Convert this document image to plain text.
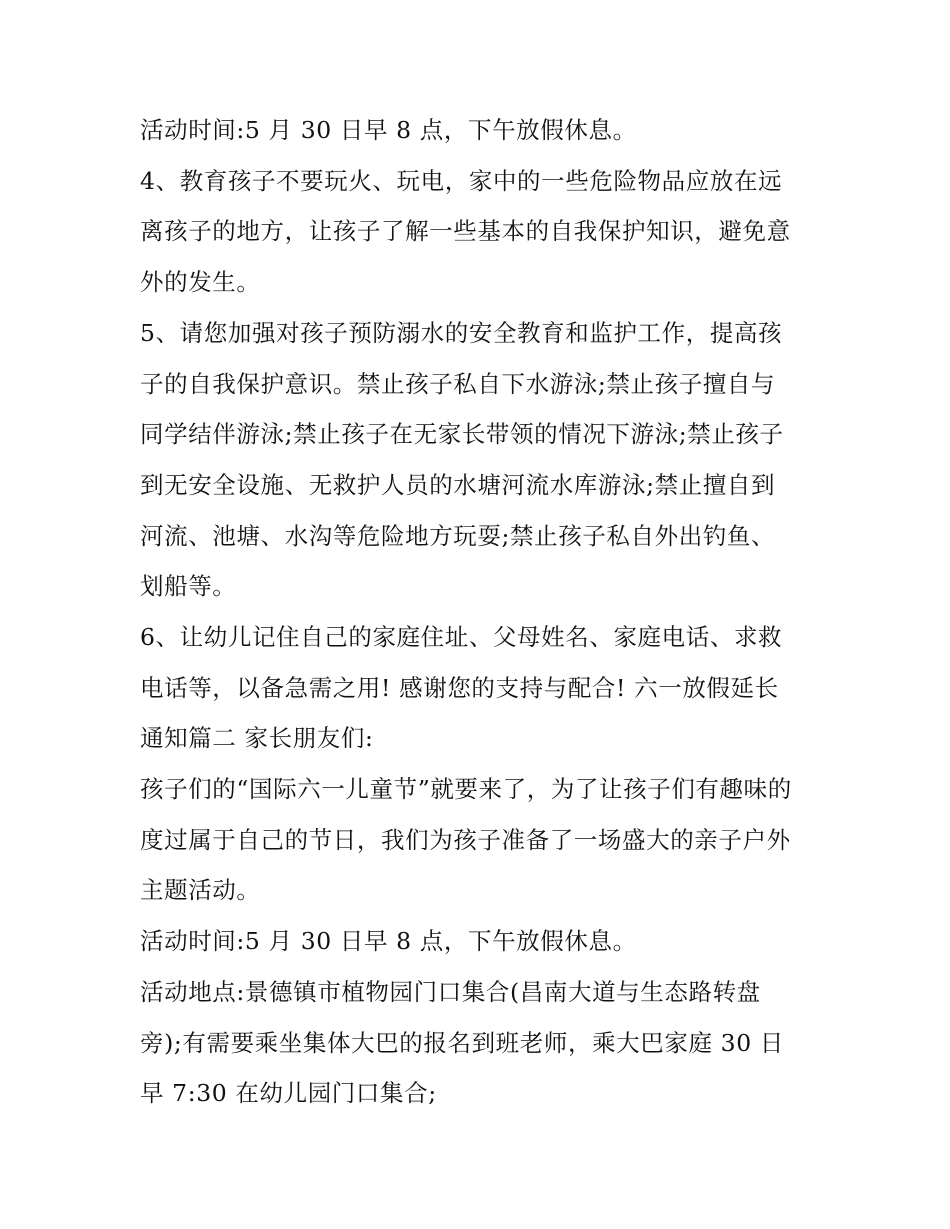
活动时间:5 月 30 日早 8 点，下午放假休息。
4、教育孩子不要玩火、玩电，家中的一些危险物品应放在远
离孩子的地方，让孩子了解一些基本的自我保护知识，避免意
外的发生。
5、请您加强对孩子预防溺水的安全教育和监护工作，提高孩
子的自我保护意识。禁止孩子私自下水游泳;禁止孩子擅自与
同学结伴游泳;禁止孩子在无家长带领的情况下游泳;禁止孩子
到无安全设施、无救护人员的水塘河流水库游泳;禁止擅自到
河流、池塘、水沟等危险地方玩耍;禁止孩子私自外出钓鱼、
划船等。
6、让幼儿记住自己的家庭住址、父母姓名、家庭电话、求救
电话等，以备急需之用! 感谢您的支持与配合! 六一放假延长
通知篇二 家长朋友们:
孩子们的“国际六一儿童节”就要来了，为了让孩子们有趣味的
度过属于自己的节日，我们为孩子准备了一场盛大的亲子户外
主题活动。
活动时间:5 月 30 日早 8 点，下午放假休息。
活动地点:景德镇市植物园门口集合(昌南大道与生态路转盘
旁);有需要乘坐集体大巴的报名到班老师，乘大巴家庭 30 日
早 7:30 在幼儿园门口集合;
